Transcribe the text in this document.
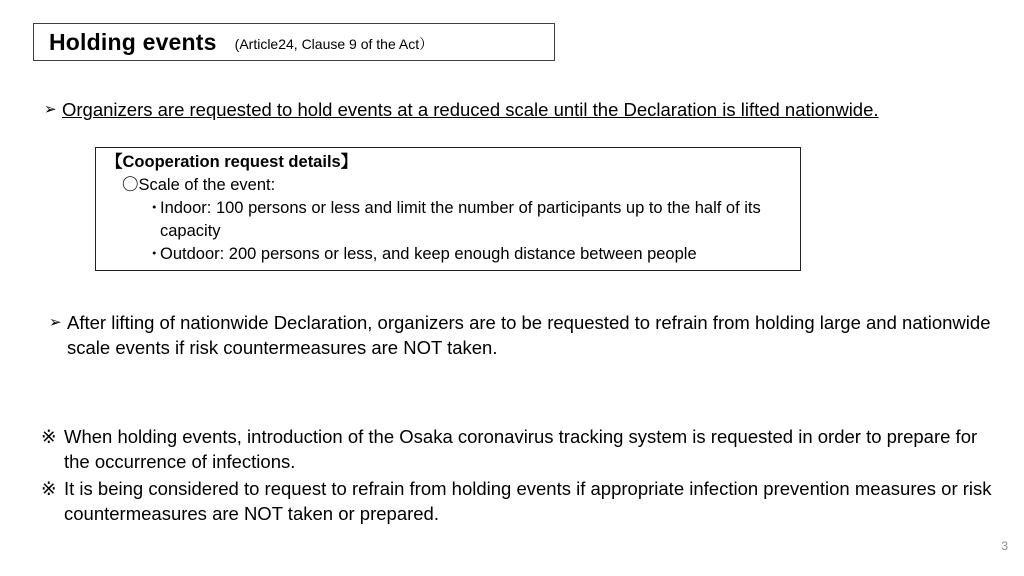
Holding events (Article24, Clause 9 of the Act）
➢ Organizers are requested to hold events at a reduced scale until the Declaration is lifted nationwide.
【Cooperation request details】
〇Scale of the event:
・
Indoor: 100 persons or less and limit the number of participants up to the half of its capacity
・
Outdoor: 200 persons or less, and keep enough distance between people
➢ After lifting of nationwide Declaration, organizers are to be requested to refrain from holding large and nationwide scale events if risk countermeasures are NOT taken.
※ When holding events, introduction of the Osaka coronavirus tracking system is requested in order to prepare for the occurrence of infections.
※ It is being considered to request to refrain from holding events if appropriate infection prevention measures or risk countermeasures are NOT taken or prepared.
3
